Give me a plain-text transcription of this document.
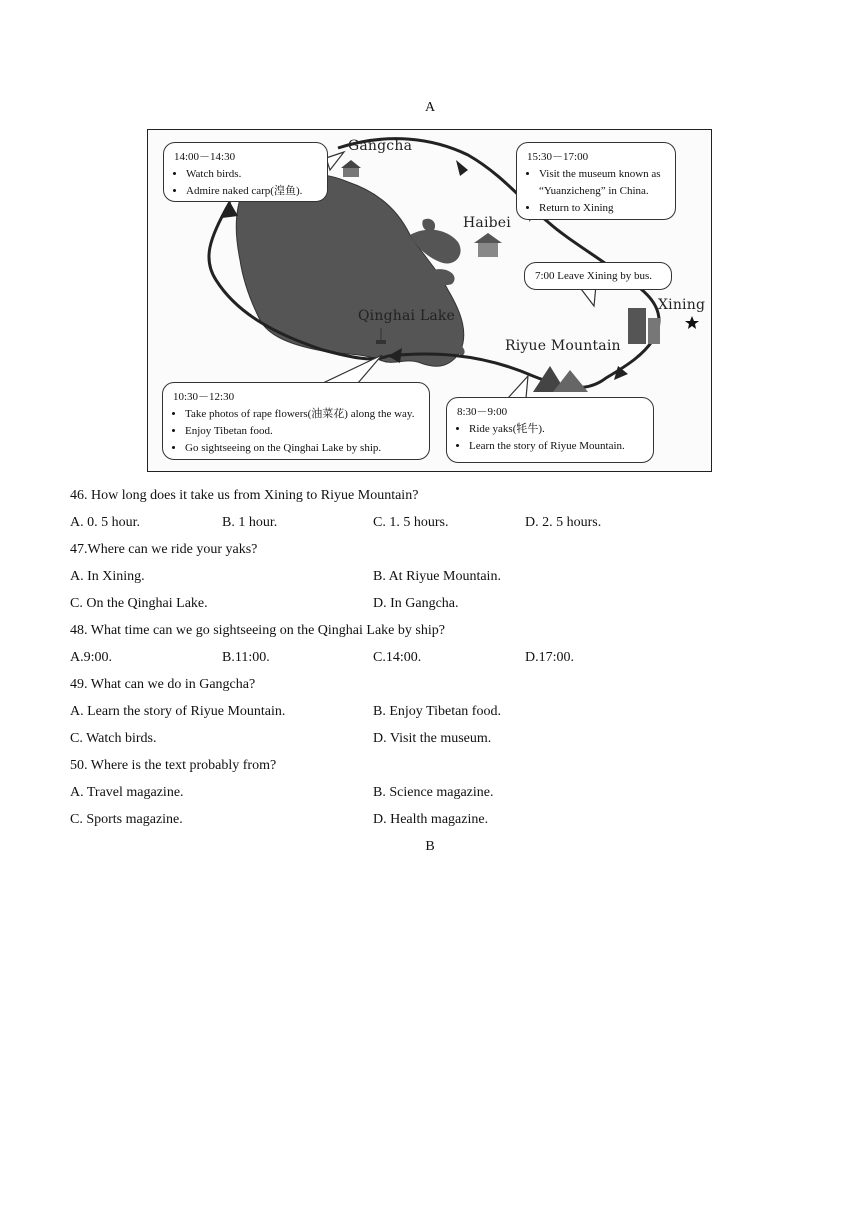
A
Gangcha
Haibei
Xining
Qinghai Lake
Riyue Mountain
14:00－14:30
• Watch birds.
• Admire naked carp(湟鱼).
15:30－17:00
• Visit the museum known as “Yuanzicheng” in China.
• Return to Xining
7:00 Leave Xining by bus.
10:30－12:30
• Take photos of rape flowers(油菜花) along the way.
• Enjoy Tibetan food.
• Go sightseeing on the Qinghai Lake by ship.
8:30－9:00
• Ride yaks(牦牛).
• Learn the story of Riyue Mountain.
46. How long does it take us from Xining to Riyue Mountain?
A. 0. 5 hour.	B. 1 hour.	C. 1. 5 hours.	D. 2. 5 hours.
47.Where can we ride your yaks?
A. In Xining.	B. At Riyue Mountain.
C. On the Qinghai Lake.	D. In Gangcha.
48. What time can we go sightseeing on the Qinghai Lake by ship?
A.9:00.	B.11:00.	C.14:00.	D.17:00.
49. What can we do in Gangcha?
A. Learn the story of Riyue Mountain.	B. Enjoy Tibetan food.
C. Watch birds.	D. Visit the museum.
50. Where is the text probably from?
A. Travel magazine.	B. Science magazine.
C. Sports magazine.	D. Health magazine.
B
